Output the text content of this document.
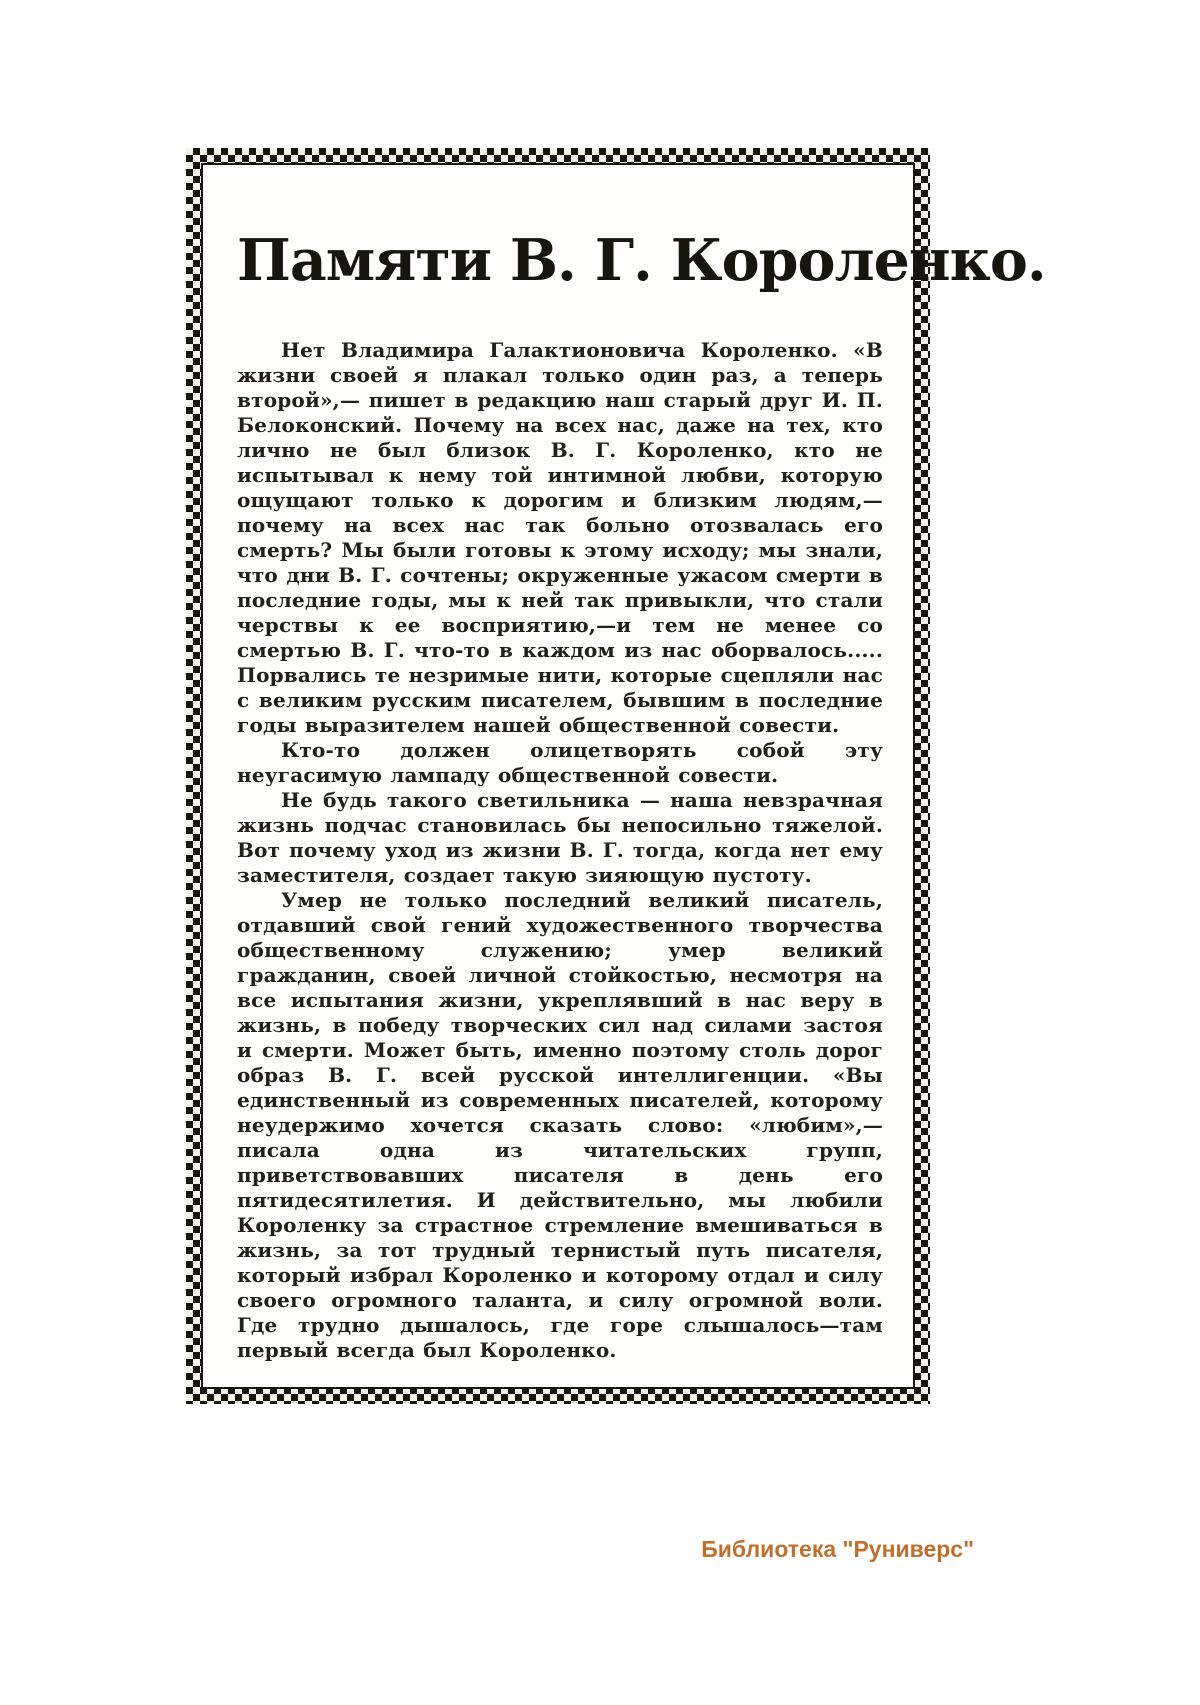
Памяти В. Г. Короленко.

Нет Владимира Галактионовича Короленко. «В жизни своей я плакал только один раз, а теперь второй»,— пишет в редакцию наш старый друг И. П. Белоконский. Почему на всех нас, даже на тех, кто лично не был близок В. Г. Короленко, кто не испытывал к нему той интимной любви, которую ощущают только к дорогим и близким людям,—почему на всех нас так больно отозвалась его смерть? Мы были готовы к этому исходу; мы знали, что дни В. Г. сочтены; окруженные ужасом смерти в последние годы, мы к ней так привыкли, что стали черствы к ее восприятию,—и тем не менее со смертью В. Г. что-то в каждом из нас оборвалось..... Порвались те незримые нити, которые сцепляли нас с великим русским писателем, бывшим в последние годы выразителем нашей общественной совести.

Кто-то должен олицетворять собой эту неугасимую лампаду общественной совести.

Не будь такого светильника — наша невзрачная жизнь подчас становилась бы непосильно тяжелой. Вот почему уход из жизни В. Г. тогда, когда нет ему заместителя, создает такую зияющую пустоту.

Умер не только последний великий писатель, отдавший свой гений художественного творчества общественному служению; умер великий гражданин, своей личной стойкостью, несмотря на все испытания жизни, укреплявший в нас веру в жизнь, в победу творческих сил над силами застоя и смерти. Может быть, именно поэтому столь дорог образ В. Г. всей русской интеллигенции. «Вы единственный из современных писателей, которому неудержимо хочется сказать слово: «любим»,— писала одна из читательских групп, приветствовавших писателя в день его пятидесятилетия. И действительно, мы любили Короленку за страстное стремление вмешиваться в жизнь, за тот трудный тернистый путь писателя, который избрал Короленко и которому отдал и силу своего огромного таланта, и силу огромной воли. Где трудно дышалось, где горе слышалось—там первый всегда был Короленко.

Библиотека "Руниверс"
